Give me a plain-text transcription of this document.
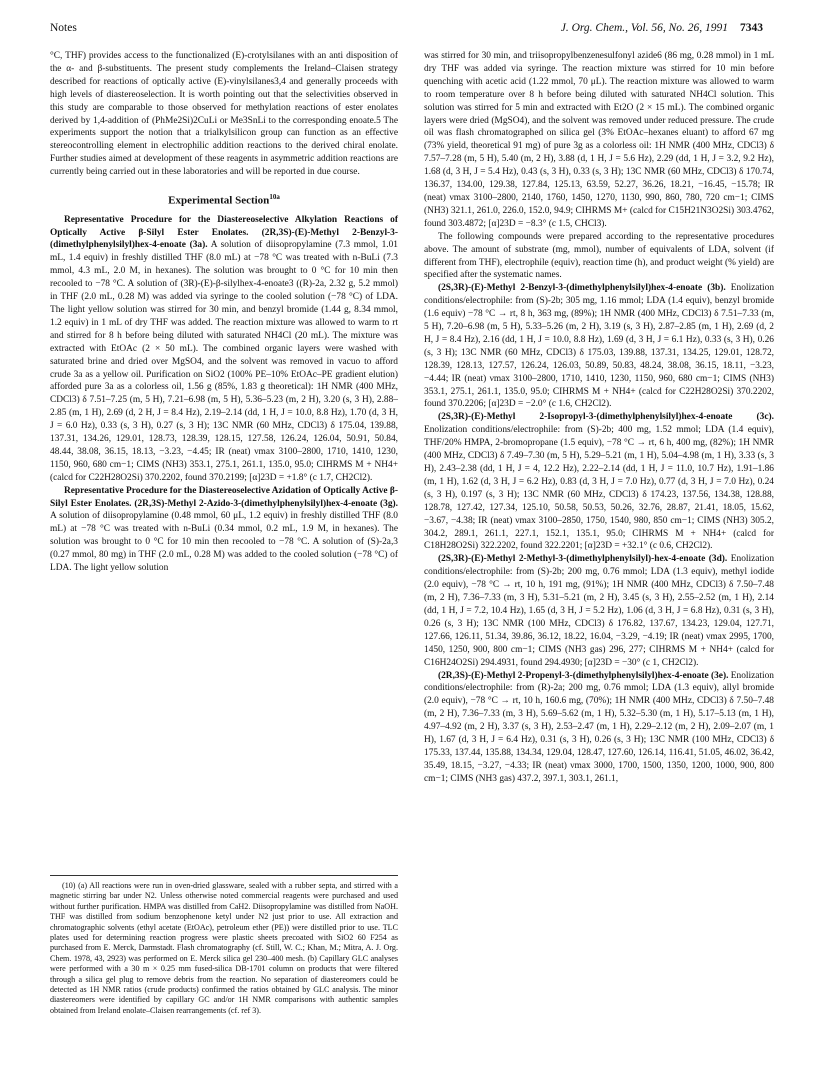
Notes	J. Org. Chem., Vol. 56, No. 26, 1991 7343

°C, THF) provides access to the functionalized (E)-crotylsilanes with an anti disposition of the α- and β-substituents. The present study complements the Ireland–Claisen strategy described for reactions of optically active (E)-vinylsilanes3,4 and generally proceeds with high levels of diastereoselection. It is worth pointing out that the selectivities observed in this study are comparable to those observed for methylation reactions of ester enolates derived by 1,4-addition of (PhMe2Si)2CuLi or Me3SnLi to the corresponding enoate.5 The experiments support the notion that a trialkylsilicon group can function as an effective stereocontrolling element in electrophilic addition reactions to the derived chiral enolate. Further studies aimed at development of these reagents in asymmetric addition reactions are currently being carried out in these laboratories and will be reported in due course.

Experimental Section$^{10a}$

Representative Procedure for the Diastereoselective Alkylation Reactions of Optically Active β-Silyl Ester Enolates. (2R,3S)-(E)-Methyl 2-Benzyl-3-(dimethylphenylsilyl)hex-4-enoate (3a). A solution of diisopropylamine (7.3 mmol, 1.01 mL, 1.4 equiv) in freshly distilled THF (8.0 mL) at −78 °C was treated with n-BuLi (7.3 mmol, 4.3 mL, 2.0 M, in hexanes). The solution was brought to 0 °C for 10 min then recooled to −78 °C. A solution of (3R)-(E)-β-silylhex-4-enoate3 ((R)-2a, 2.32 g, 5.2 mmol) in THF (2.0 mL, 0.28 M) was added via syringe to the cooled solution (−78 °C) of LDA. The light yellow solution was stirred for 30 min, and benzyl bromide (1.44 g, 8.34 mmol, 1.2 equiv) in 1 mL of dry THF was added. The reaction mixture was allowed to warm to rt and stirred for 8 h before being diluted with saturated NH4Cl (20 mL). The mixture was extracted with EtOAc (2 × 50 mL). The combined organic layers were washed with saturated brine and dried over MgSO4, and the solvent was removed in vacuo to afford crude 3a as a yellow oil. Purification on SiO2 (100% PE–10% EtOAc–PE gradient elution) afforded pure 3a as a colorless oil, 1.56 g (85%, 1.83 g theoretical): 1H NMR (400 MHz, CDCl3) δ 7.51–7.25 (m, 5 H), 7.21–6.98 (m, 5 H), 5.36–5.23 (m, 2 H), 3.20 (s, 3 H), 2.88–2.85 (m, 1 H), 2.69 (d, 2 H, J = 8.4 Hz), 2.19–2.14 (dd, 1 H, J = 10.0, 8.8 Hz), 1.70 (d, 3 H, J = 6.0 Hz), 0.33 (s, 3 H), 0.27 (s, 3 H); 13C NMR (60 MHz, CDCl3) δ 175.04, 139.88, 137.31, 134.26, 129.01, 128.73, 128.39, 128.15, 127.58, 126.24, 126.04, 50.91, 50.84, 48.44, 38.08, 36.15, 18.13, −3.23, −4.45; IR (neat) νmax 3100–2800, 1710, 1410, 1230, 1150, 960, 680 cm−1; CIMS (NH3) 353.1, 275.1, 261.1, 135.0, 95.0; CIHRMS M + NH4+ (calcd for C22H28O2Si) 370.2202, found 370.2199; [α]23D = +1.8° (c 1.7, CH2Cl2).

Representative Procedure for the Diastereoselective Azidation of Optically Active β-Silyl Ester Enolates. (2R,3S)-Methyl 2-Azido-3-(dimethylphenylsilyl)hex-4-enoate (3g). A solution of diisopropylamine (0.48 mmol, 60 μL, 1.2 equiv) in freshly distilled THF (8.0 mL) at −78 °C was treated with n-BuLi (0.34 mmol, 0.2 mL, 1.9 M, in hexanes). The solution was brought to 0 °C for 10 min then recooled to −78 °C. A solution of (S)-2a,3 (0.27 mmol, 80 mg) in THF (2.0 mL, 0.28 M) was added to the cooled solution (−78 °C) of LDA. The light yellow solution

(10) (a) All reactions were run in oven-dried glassware, sealed with a rubber septa, and stirred with a magnetic stirring bar under N2. Unless otherwise noted commercial reagents were purchased and used without further purification. HMPA was distilled from CaH2. Diisopropylamine was distilled from NaOH. THF was distilled from sodium benzophenone ketyl under N2 just prior to use. All extraction and chromatographic solvents (ethyl acetate (EtOAc), petroleum ether (PE)) were distilled prior to use. TLC plates used for determining reaction progress were plastic sheets precoated with SiO2 60 F254 as purchased from E. Merck, Darmstadt. Flash chromatography (cf. Still, W. C.; Khan, M.; Mitra, A. J. Org. Chem. 1978, 43, 2923) was performed on E. Merck silica gel 230–400 mesh. (b) Capillary GLC analyses were performed with a 30 m × 0.25 mm fused-silica DB-1701 column on products that were filtered through a silica gel plug to remove debris from the reaction. No separation of diastereomers could be detected as 1H NMR ratios (crude products) confirmed the ratios obtained by GLC analysis. The minor diastereomers were identified by capillary GC and/or 1H NMR comparisons with authentic samples obtained from Ireland enolate–Claisen rearrangements (cf. ref 3).

was stirred for 30 min, and triisopropylbenzenesulfonyl azide6 (86 mg, 0.28 mmol) in 1 mL dry THF was added via syringe. The reaction mixture was stirred for 10 min before quenching with acetic acid (1.22 mmol, 70 μL). The reaction mixture was allowed to warm to room temperature over 8 h before being diluted with saturated NH4Cl solution. This solution was stirred for 5 min and extracted with Et2O (2 × 15 mL). The combined organic layers were dried (MgSO4), and the solvent was removed under reduced pressure. The crude oil was flash chromatographed on silica gel (3% EtOAc–hexanes eluant) to afford 67 mg (73% yield, theoretical 91 mg) of pure 3g as a colorless oil: 1H NMR (400 MHz, CDCl3) δ 7.57–7.28 (m, 5 H), 5.40 (m, 2 H), 3.88 (d, 1 H, J = 5.6 Hz), 2.29 (dd, 1 H, J = 3.2, 9.2 Hz), 1.68 (d, 3 H, J = 5.4 Hz), 0.43 (s, 3 H), 0.33 (s, 3 H); 13C NMR (60 MHz, CDCl3) δ 170.74, 136.37, 134.00, 129.38, 127.84, 125.13, 63.59, 52.27, 36.26, 18.21, −16.45, −15.78; IR (neat) νmax 3100–2800, 2140, 1760, 1450, 1270, 1130, 990, 860, 780, 720 cm−1; CIMS (NH3) 321.1, 261.0, 226.0, 152.0, 94.9; CIHRMS M+ (calcd for C15H21N3O2Si) 303.4762, found 303.4872; [α]23D = −8.3° (c 1.5, CHCl3).

The following compounds were prepared according to the representative procedures above. The amount of substrate (mg, mmol), number of equivalents of LDA, solvent (if different from THF), electrophile (equiv), reaction time (h), and product weight (% yield) are specified after the systematic names.

(2S,3R)-(E)-Methyl 2-Benzyl-3-(dimethylphenylsilyl)hex-4-enoate (3b). Enolization conditions/electrophile: from (S)-2b; 305 mg, 1.16 mmol; LDA (1.4 equiv), benzyl bromide (1.6 equiv) −78 °C → rt, 8 h, 363 mg, (89%); 1H NMR (400 MHz, CDCl3) δ 7.51–7.33 (m, 5 H), 7.20–6.98 (m, 5 H), 5.33–5.26 (m, 2 H), 3.19 (s, 3 H), 2.87–2.85 (m, 1 H), 2.69 (d, 2 H, J = 8.4 Hz), 2.16 (dd, 1 H, J = 10.0, 8.8 Hz), 1.69 (d, 3 H, J = 6.1 Hz), 0.33 (s, 3 H), 0.26 (s, 3 H); 13C NMR (60 MHz, CDCl3) δ 175.03, 139.88, 137.31, 134.25, 129.01, 128.72, 128.39, 128.13, 127.57, 126.24, 126.03, 50.89, 50.83, 48.24, 38.08, 36.15, 18.11, −3.23, −4.44; IR (neat) νmax 3100–2800, 1710, 1410, 1230, 1150, 960, 680 cm−1; CIMS (NH3) 353.1, 275.1, 261.1, 135.0, 95.0; CIHRMS M + NH4+ (calcd for C22H28O2Si) 370.2202, found 370.2206; [α]23D = −2.0° (c 1.6, CH2Cl2).

(2S,3R)-(E)-Methyl 2-Isopropyl-3-(dimethylphenylsilyl)hex-4-enoate (3c). Enolization conditions/electrophile: from (S)-2b; 400 mg, 1.52 mmol; LDA (1.4 equiv), THF/20% HMPA, 2-bromopropane (1.5 equiv), −78 °C → rt, 6 h, 400 mg, (82%); 1H NMR (400 MHz, CDCl3) δ 7.49–7.30 (m, 5 H), 5.29–5.21 (m, 1 H), 5.04–4.98 (m, 1 H), 3.33 (s, 3 H), 2.43–2.38 (dd, 1 H, J = 4, 12.2 Hz), 2.22–2.14 (dd, 1 H, J = 11.0, 10.7 Hz), 1.91–1.86 (m, 1 H), 1.62 (d, 3 H, J = 6.2 Hz), 0.83 (d, 3 H, J = 7.0 Hz), 0.77 (d, 3 H, J = 7.0 Hz), 0.24 (s, 3 H), 0.197 (s, 3 H); 13C NMR (60 MHz, CDCl3) δ 174.23, 137.56, 134.38, 128.88, 128.78, 127.42, 127.34, 125.10, 50.58, 50.53, 50.26, 32.76, 28.87, 21.41, 18.05, 15.62, −3.67, −4.38; IR (neat) νmax 3100–2850, 1750, 1540, 980, 850 cm−1; CIMS (NH3) 305.2, 304.2, 289.1, 261.1, 227.1, 152.1, 135.1, 95.0; CIHRMS M + NH4+ (calcd for C18H28O2Si) 322.2202, found 322.2201; [α]23D = +32.1° (c 0.6, CH2Cl2).

(2S,3R)-(E)-Methyl 2-Methyl-3-(dimethylphenylsilyl)-hex-4-enoate (3d). Enolization conditions/electrophile: from (S)-2b; 200 mg, 0.76 mmol; LDA (1.3 equiv), methyl iodide (2.0 equiv), −78 °C → rt, 10 h, 191 mg, (91%); 1H NMR (400 MHz, CDCl3) δ 7.50–7.48 (m, 2 H), 7.36–7.33 (m, 3 H), 5.31–5.21 (m, 2 H), 3.45 (s, 3 H), 2.55–2.52 (m, 1 H), 2.14 (dd, 1 H, J = 7.2, 10.4 Hz), 1.65 (d, 3 H, J = 5.2 Hz), 1.06 (d, 3 H, J = 6.8 Hz), 0.31 (s, 3 H), 0.26 (s, 3 H); 13C NMR (100 MHz, CDCl3) δ 176.82, 137.67, 134.23, 129.04, 127.71, 127.66, 126.11, 51.34, 39.86, 36.12, 18.22, 16.04, −3.29, −4.19; IR (neat) νmax 2995, 1700, 1450, 1250, 900, 800 cm−1; CIMS (NH3 gas) 296, 277; CIHRMS M + NH4+ (calcd for C16H24O2Si) 294.4931, found 294.4930; [α]23D = −30° (c 1, CH2Cl2).

(2R,3S)-(E)-Methyl 2-Propenyl-3-(dimethylphenylsilyl)hex-4-enoate (3e). Enolization conditions/electrophile: from (R)-2a; 200 mg, 0.76 mmol; LDA (1.3 equiv), allyl bromide (2.0 equiv), −78 °C → rt, 10 h, 160.6 mg, (70%); 1H NMR (400 MHz, CDCl3) δ 7.50–7.48 (m, 2 H), 7.36–7.33 (m, 3 H), 5.69–5.62 (m, 1 H), 5.32–5.30 (m, 1 H), 5.17–5.13 (m, 1 H), 4.97–4.92 (m, 2 H), 3.37 (s, 3 H), 2.53–2.47 (m, 1 H), 2.29–2.12 (m, 2 H), 2.09–2.07 (m, 1 H), 1.67 (d, 3 H, J = 6.4 Hz), 0.31 (s, 3 H), 0.26 (s, 3 H); 13C NMR (100 MHz, CDCl3) δ 175.33, 137.44, 135.88, 134.34, 129.04, 128.47, 127.60, 126.14, 116.41, 51.05, 46.02, 36.42, 35.49, 18.15, −3.27, −4.33; IR (neat) νmax 3000, 1700, 1500, 1350, 1200, 1000, 900, 800 cm−1; CIMS (NH3 gas) 437.2, 397.1, 303.1, 261.1,
